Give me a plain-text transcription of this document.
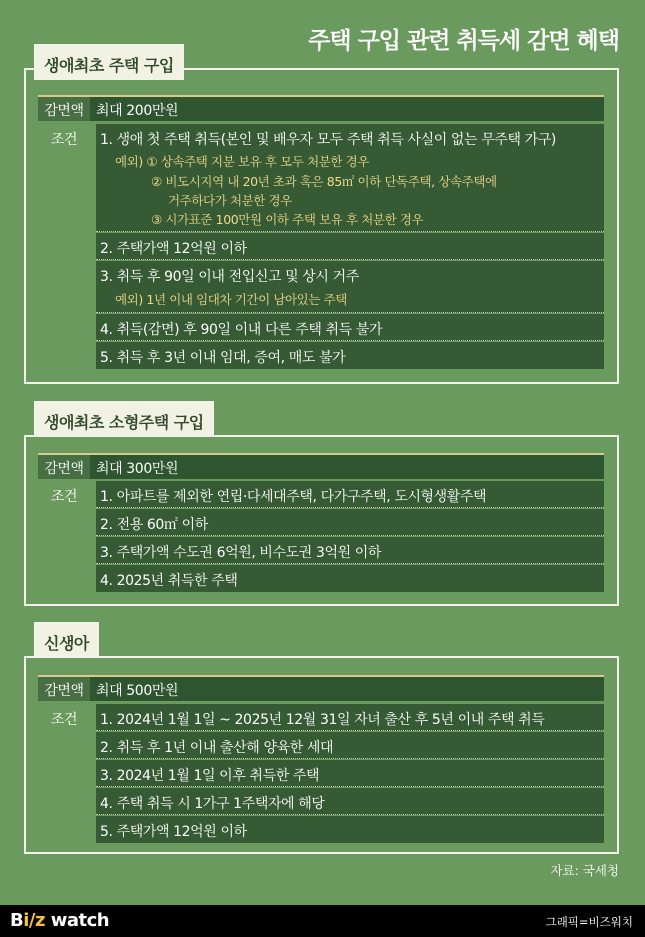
주택 구입 관련 취득세 감면 혜택
생애최초 주택 구입
감면액 최대 200만원
조건	1. 생애 첫 주택 취득(본인 및 배우자 모두 주택 취득 사실이 없는 무주택 가구)
예외) ① 상속주택 지분 보유 후 모두 처분한 경우
② 비도시지역 내 20년 초과 혹은 85㎡ 이하 단독주택, 상속주택에
거주하다가 처분한 경우
③ 시가표준 100만원 이하 주택 보유 후 처분한 경우
2. 주택가액 12억원 이하
3. 취득 후 90일 이내 전입신고 및 상시 거주
예외) 1년 이내 임대차 기간이 남아있는 주택
4. 취득(감면) 후 90일 이내 다른 주택 취득 불가
5. 취득 후 3년 이내 임대, 증여, 매도 불가
생애최초 소형주택 구입
감면액 최대 300만원
조건	1. 아파트를 제외한 연립·다세대주택, 다가구주택, 도시형생활주택
2. 전용 60㎡ 이하
3. 주택가액 수도권 6억원, 비수도권 3억원 이하
4. 2025년 취득한 주택
신생아
감면액 최대 500만원
조건	1. 2024년 1월 1일 ~ 2025년 12월 31일 자녀 출산 후 5년 이내 주택 취득
2. 취득 후 1년 이내 출산해 양육한 세대
3. 2024년 1월 1일 이후 취득한 주택
4. 주택 취득 시 1가구 1주택자에 해당
5. 주택가액 12억원 이하
자료: 국세청
Bi/z watch	그래픽=비즈워치
